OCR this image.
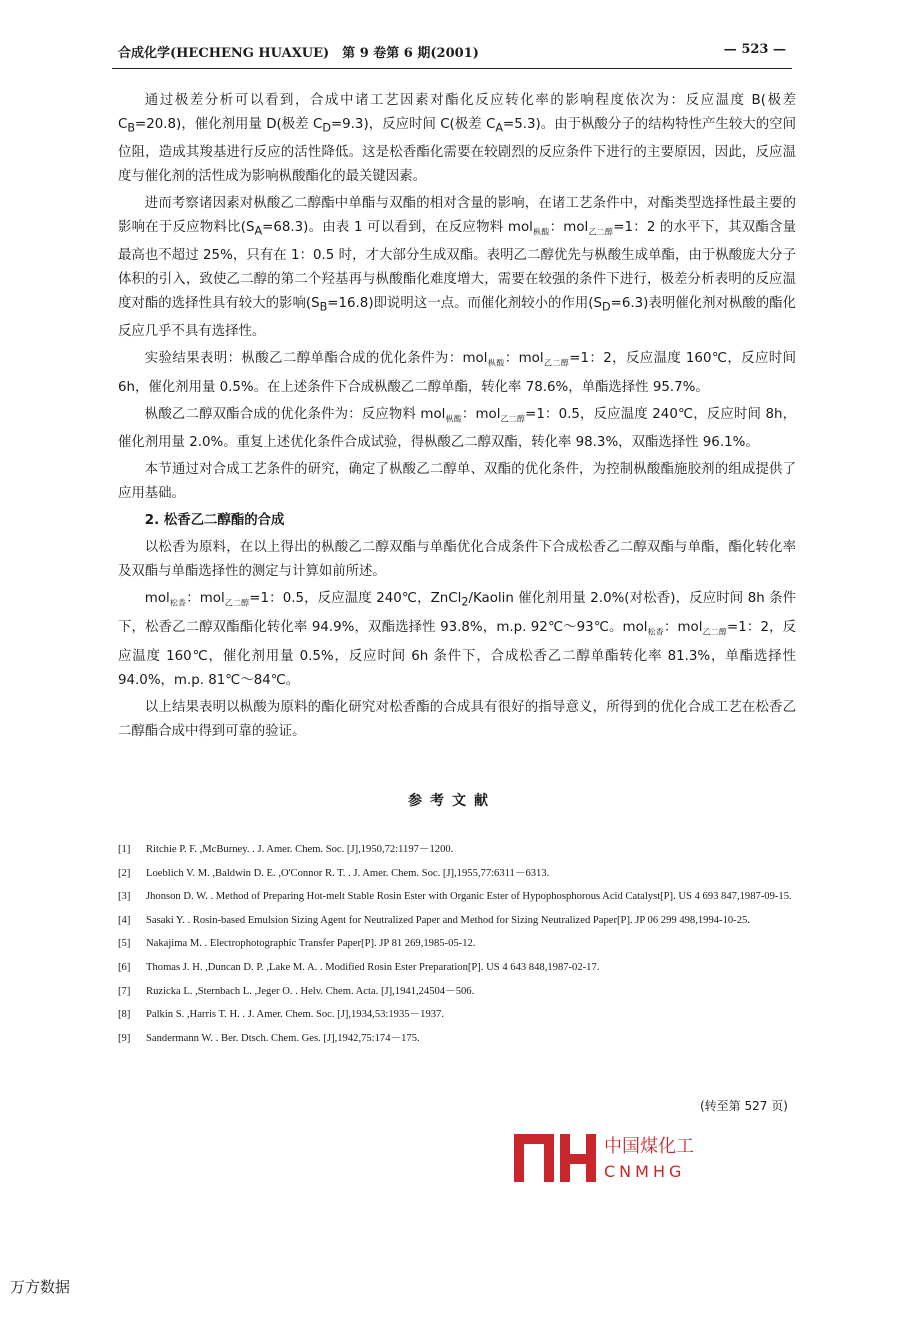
合成化学(HECHENG HUAXUE)　第 9 卷第 6 期(2001)	— 523 —

通过极差分析可以看到，合成中诸工艺因素对酯化反应转化率的影响程度依次为：反应温度 B(极差 $C_B=20.8$)，催化剂用量 D(极差 $C_D=9.3$)，反应时间 C(极差 $C_A=5.3$)。由于枞酸分子的结构特性产生较大的空间位阻，造成其羧基进行反应的活性降低。这是松香酯化需要在较剧烈的反应条件下进行的主要原因，因此，反应温度与催化剂的活性成为影响枞酸酯化的最关键因素。

进而考察诸因素对枞酸乙二醇酯中单酯与双酯的相对含量的影响，在诸工艺条件中，对酯类型选择性最主要的影响在于反应物料比$(S_A=68.3)$。由表 1 可以看到，在反应物料 mol$_{枞酸}$：mol$_{乙二醇}$=1：2 的水平下，其双酯含量最高也不超过 25%，只有在 1：0.5 时，才大部分生成双酯。表明乙二醇优先与枞酸生成单酯，由于枞酸庞大分子体积的引入，致使乙二醇的第二个羟基再与枞酸酯化难度增大，需要在较强的条件下进行，极差分析表明的反应温度对酯的选择性具有较大的影响$(S_B=16.8)$即说明这一点。而催化剂较小的作用$(S_D=6.3)$表明催化剂对枞酸的酯化反应几乎不具有选择性。

实验结果表明：枞酸乙二醇单酯合成的优化条件为：mol$_{枞酸}$：mol$_{乙二醇}$=1：2，反应温度 160℃，反应时间 6h，催化剂用量 0.5%。在上述条件下合成枞酸乙二醇单酯，转化率 78.6%，单酯选择性 95.7%。

枞酸乙二醇双酯合成的优化条件为：反应物料 mol$_{枞酸}$：mol$_{乙二醇}$=1：0.5，反应温度 240℃，反应时间 8h，催化剂用量 2.0%。重复上述优化条件合成试验，得枞酸乙二醇双酯，转化率 98.3%，双酯选择性 96.1%。

本节通过对合成工艺条件的研究，确定了枞酸乙二醇单、双酯的优化条件，为控制枞酸酯施胶剂的组成提供了应用基础。

2. 松香乙二醇酯的合成

以松香为原料，在以上得出的枞酸乙二醇双酯与单酯优化合成条件下合成松香乙二醇双酯与单酯，酯化转化率及双酯与单酯选择性的测定与计算如前所述。

mol$_{松香}$：mol$_{乙二醇}$=1：0.5，反应温度 240℃，ZnCl$_2$/Kaolin 催化剂用量 2.0%(对松香)，反应时间 8h 条件下，松香乙二醇双酯酯化转化率 94.9%，双酯选择性 93.8%，m.p. 92℃～93℃。mol$_{松香}$：mol$_{乙二醇}$=1：2，反应温度 160℃，催化剂用量 0.5%，反应时间 6h 条件下，合成松香乙二醇单酯转化率 81.3%，单酯选择性 94.0%，m.p. 81℃～84℃。

以上结果表明以枞酸为原料的酯化研究对松香酯的合成具有很好的指导意义，所得到的优化合成工艺在松香乙二醇酯合成中得到可靠的验证。

参考文献
[1]	Ritchie P. F. ,McBurney. . J. Amer. Chem. Soc. [J],1950,72:1197－1200.
[2]	Loeblich V. M. ,Baldwin D. E. ,O'Connor R. T. . J. Amer. Chem. Soc. [J],1955,77:6311－6313.
[3]	Jhonson D. W. . Method of Preparing Hot-melt Stable Rosin Ester with Organic Ester of Hypophosphorous Acid Catalyst[P]. US 4 693 847,1987-09-15.
[4]	Sasaki Y. . Rosin-based Emulsion Sizing Agent for Neutralized Paper and Method for Sizing Neutralized Paper[P]. JP 06 299 498,1994-10-25.
[5]	Nakajima M. . Electrophotographic Transfer Paper[P]. JP 81 269,1985-05-12.
[6]	Thomas J. H. ,Duncan D. P. ,Lake M. A. . Modified Rosin Ester Preparation[P]. US 4 643 848,1987-02-17.
[7]	Ruzicka L. ,Sternbach L. ,Jeger O. . Helv. Chem. Acta. [J],1941,24504－506.
[8]	Palkin S. ,Harris T. H. . J. Amer. Chem. Soc. [J],1934,53:1935－1937.
[9]	Sandermann W. . Ber. Dtsch. Chem. Ges. [J],1942,75:174－175.
(转至第 527 页)
中国煤化工
CNMHG
万方数据
